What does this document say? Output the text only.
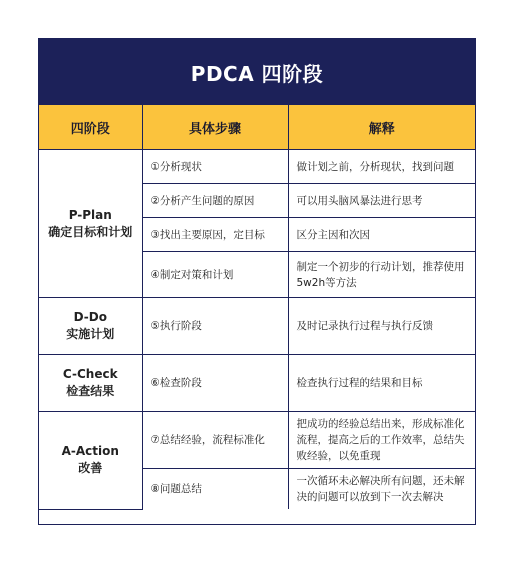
PDCA 四阶段
四阶段	具体步骤	解释

P-Plan
确定目标和计划	①分析现状	做计划之前，分析现状，找到问题
	②分析产生问题的原因	可以用头脑风暴法进行思考
	③找出主要原因，定目标	区分主因和次因
	④制定对策和计划	制定一个初步的行动计划，推荐使用5w2h等方法

D-Do
实施计划	⑤执行阶段	及时记录执行过程与执行反馈

C-Check
检查结果	⑥检查阶段	检查执行过程的结果和目标

A-Action
改善	⑦总结经验，流程标准化	把成功的经验总结出来，形成标准化流程，提高之后的工作效率，总结失败经验，以免重现
	⑧问题总结	一次循环未必解决所有问题，还未解决的问题可以放到下一次去解决
